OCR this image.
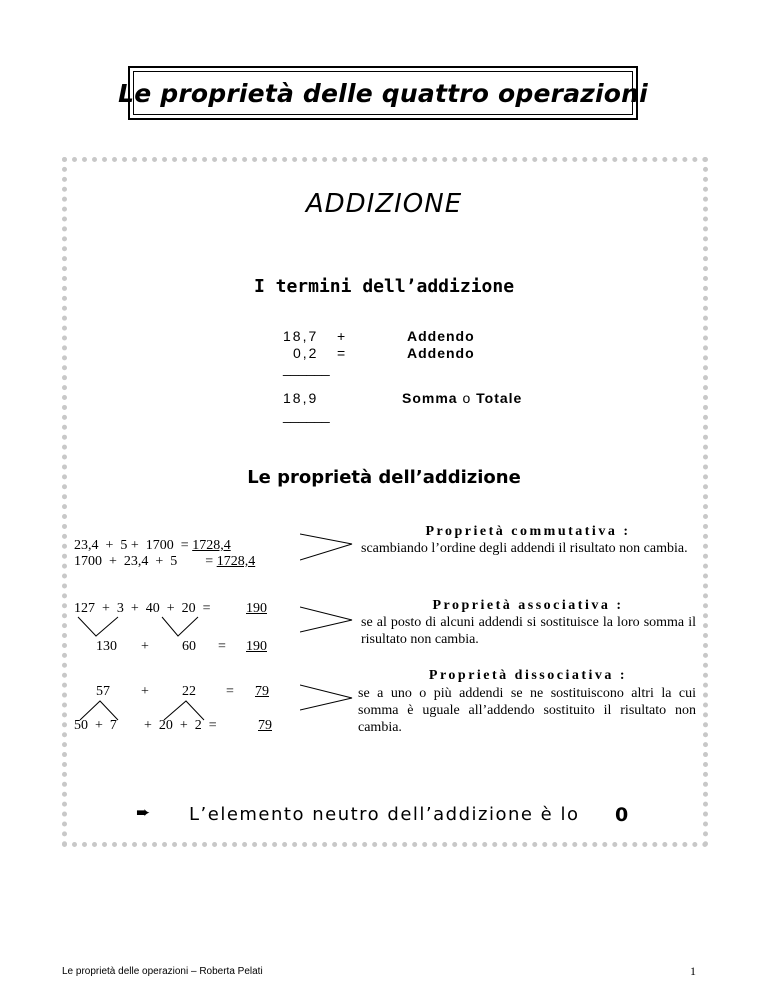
Le proprietà delle quattro operazioni
ADDIZIONE
I termini dell’addizione
18,7 +	Addendo
0,2 =	Addendo
______
18,9	Somma o Totale
______
Le proprietà dell’addizione
23,4  +  5 +  1700  = 1728,4
1700  +  23,4  +  5        = 1728,4
Proprietà commutativa :
scambiando l’ordine degli addendi il risultato non cambia.
127  +  3  +  40  +  20  =	190
130 + 60 = 190
Proprietà associativa :
se al posto di alcuni addendi si sostituisce la loro somma il risultato non cambia.
57 + 22 = 79
50  +  7 +  20  +  2  =	79
Proprietà dissociativa :
se a uno o più addendi se ne sostituiscono altri la cui somma è uguale all’addendo sostituito il risultato non cambia.
➨ L’elemento neutro dell’addizione è lo 0
Le proprietà delle operazioni – Roberta Pelati	1
